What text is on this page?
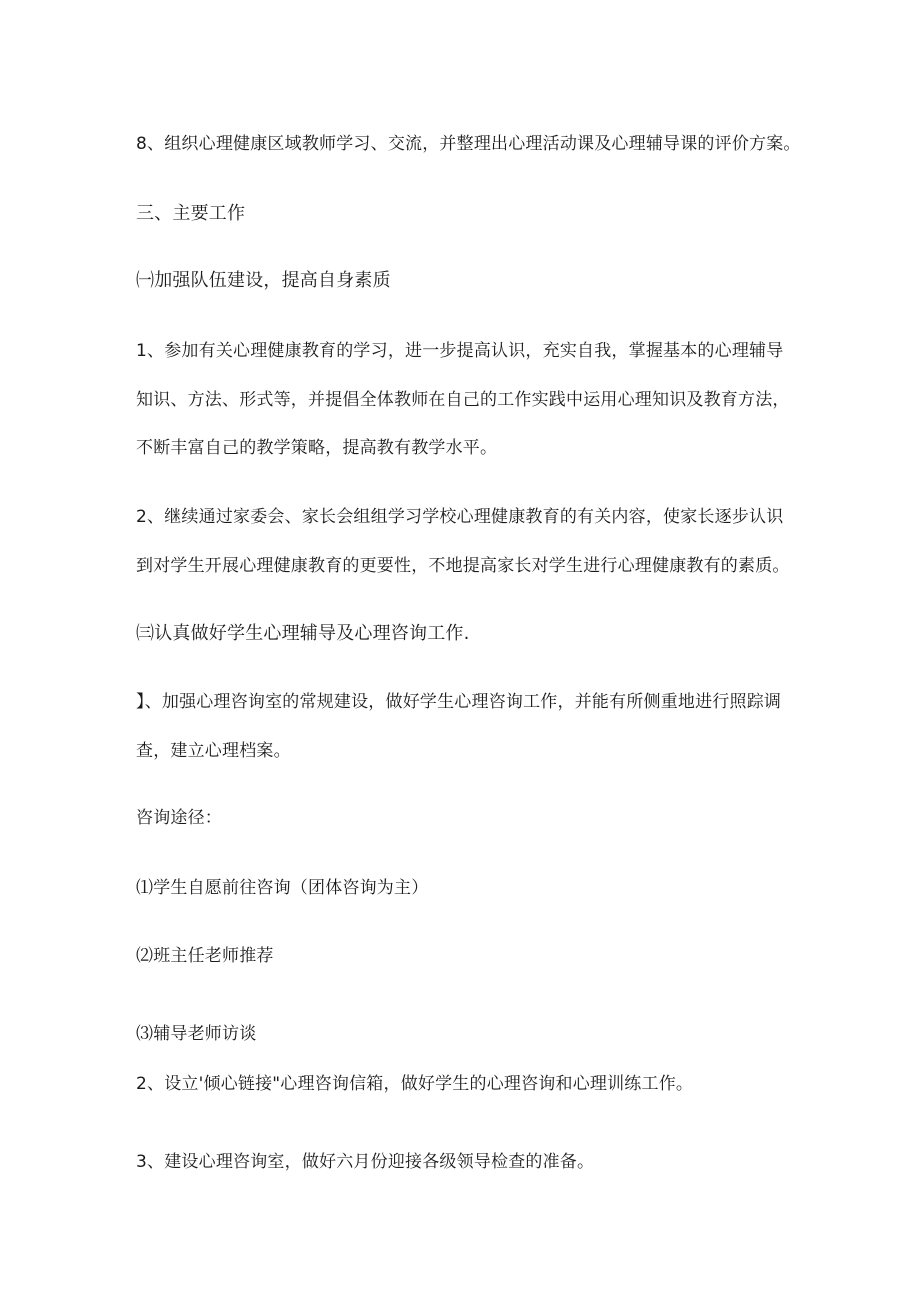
8、组织心理健康区域教师学习、交流，并整理出心理活动课及心理辅导课的评价方案。
三、主要工作
㈠加强队伍建设，提高自身素质
1、参加有关心理健康教育的学习，进一步提高认识，充实自我，掌握基本的心理辅导
知识、方法、形式等，并提倡全体教师在自己的工作实践中运用心理知识及教育方法，
不断丰富自己的教学策略，提高教有教学水平。
2、继续通过家委会、家长会组组学习学校心理健康教育的有关内容，使家长逐步认识
到对学生开展心理健康教育的更要性，不地提高家长对学生进行心理健康教有的素质。
㈢认真做好学生心理辅导及心理咨询工作.
】、加强心理咨询室的常规建设，做好学生心理咨询工作，并能有所侧重地进行照踪调
查，建立心理档案。
咨询途径：
⑴学生自愿前往咨询（团体咨询为主）
⑵班主任老师推荐
⑶辅导老师访谈
2、设立'倾心链接"心理咨询信箱，做好学生的心理咨询和心理训练工作。
3、建设心理咨询室，做好六月份迎接各级领导检查的准备。
